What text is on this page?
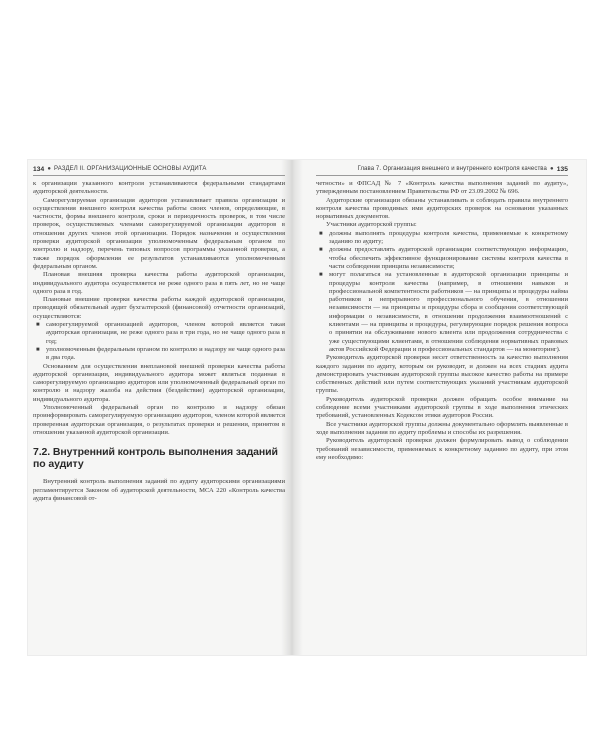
134 ● РАЗДЕЛ II. ОРГАНИЗАЦИОННЫЕ ОСНОВЫ АУДИТА

к организации указанного контроля устанавливаются федеральными стандартами аудиторской деятельности.

Саморегулируемая организация аудиторов устанавливает правила организации и осуществления внешнего контроля качества работы своих членов, определяющие, в частности, формы внешнего контроля, сроки и периодичность проверок, в том числе проверок, осуществляемых членами саморегулируемой организации аудиторов в отношении других членов этой организации. Порядок назначения и осуществления проверки аудиторской организации уполномоченным федеральным органом по контролю и надзору, перечень типовых вопросов программы указанной проверки, а также порядок оформления ее результатов устанавливаются уполномоченным федеральным органом.

Плановая внешняя проверка качества работы аудиторской организации, индивидуального аудитора осуществляется не реже одного раза в пять лет, но не чаще одного раза в год.

Плановые внешние проверки качества работы каждой аудиторской организации, проводящей обязательный аудит бухгалтерской (финансовой) отчетности организаций, осуществляются:

■ саморегулируемой организацией аудиторов, членом которой является такая аудиторская организация, не реже одного раза в три года, но не чаще одного раза в год;
■ уполномоченным федеральным органом по контролю и надзору не чаще одного раза в два года.

Основанием для осуществления внеплановой внешней проверки качества работы аудиторской организации, индивидуального аудитора может являться поданная в саморегулируемую организацию аудиторов или уполномоченный федеральный орган по контролю и надзору жалоба на действия (бездействие) аудиторской организации, индивидуального аудитора.

Уполномоченный федеральный орган по контролю и надзору обязан проинформировать саморегулируемую организацию аудиторов, членом которой является проверенная аудиторская организация, о результатах проверки и решении, принятом в отношении указанной аудиторской организации.

7.2. Внутренний контроль выполнения заданий по аудиту

Внутренний контроль выполнения заданий по аудиту аудиторскими организациями регламентируется Законом об аудиторской деятельности, МСА 220 «Контроль качества аудита финансовой от-

Глава 7. Организация внешнего и внутреннего контроля качества ● 135

четности» и ФПСАД № 7 «Контроль качества выполнения заданий по аудиту», утвержденным постановлением Правительства РФ от 23.09.2002 № 696.

Аудиторские организации обязаны устанавливать и соблюдать правила внутреннего контроля качества проводимых ими аудиторских проверок на основании указанных нормативных документов.

Участники аудиторской группы:

■ должны выполнять процедуры контроля качества, применяемые к конкретному заданию по аудиту;
■ должны предоставлять аудиторской организации соответствующую информацию, чтобы обеспечить эффективное функционирование системы контроля качества в части соблюдения принципа независимости;
■ могут полагаться на установленные в аудиторской организации принципы и процедуры контроля качества (например, в отношении навыков и профессиональной компетентности работников — на принципы и процедуры найма работников и непрерывного профессионального обучения, в отношении независимости — на принципы и процедуры сбора и сообщения соответствующей информации о независимости, в отношении продолжения взаимоотношений с клиентами — на принципы и процедуры, регулирующие порядок решения вопроса о принятии на обслуживание нового клиента или продолжения сотрудничества с уже существующими клиентами, в отношении соблюдения нормативных правовых актов Российской Федерации и профессиональных стандартов — на мониторинг).

Руководитель аудиторской проверки несет ответственность за качество выполнения каждого задания по аудиту, которым он руководит, и должен на всех стадиях аудита демонстрировать участникам аудиторской группы высокое качество работы на примере собственных действий или путем соответствующих указаний участникам аудиторской группы.

Руководитель аудиторской проверки должен обращать особое внимание на соблюдение всеми участниками аудиторской группы в ходе выполнения этических требований, установленных Кодексом этики аудиторов России.

Все участники аудиторской группы должны документально оформлять выявленные в ходе выполнения задания по аудиту проблемы и способы их разрешения.

Руководитель аудиторской проверки должен формулировать вывод о соблюдении требований независимости, применяемых к конкретному заданию по аудиту, при этом ему необходимо:
